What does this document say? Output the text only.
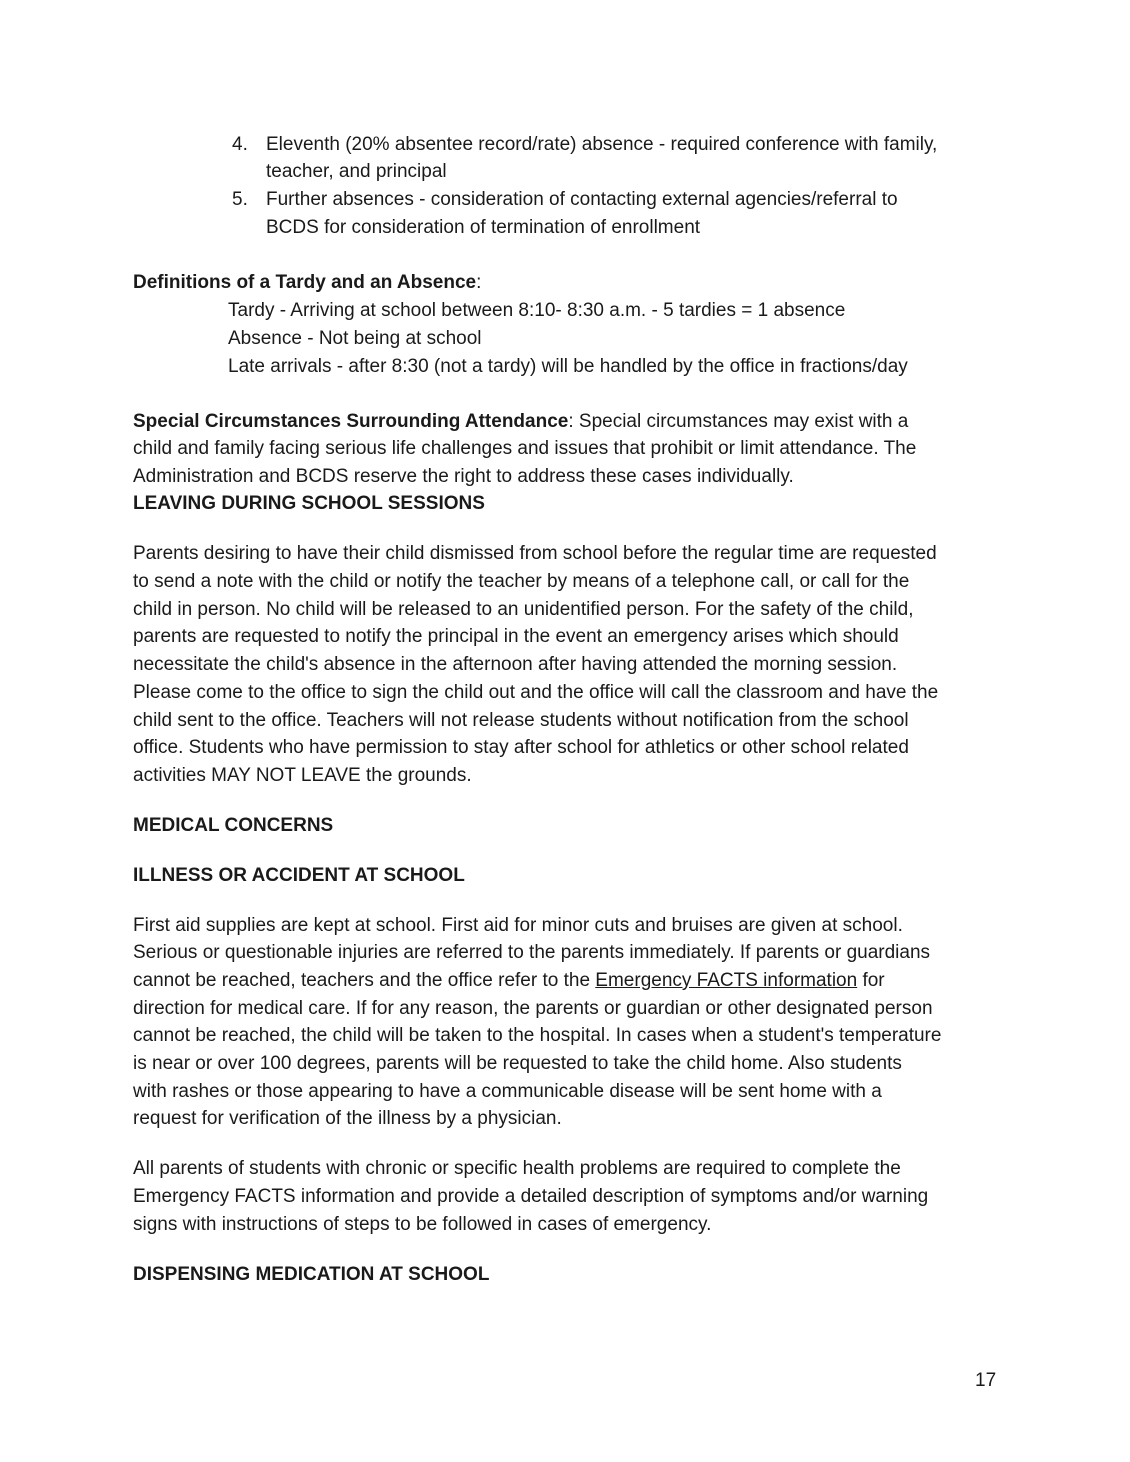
4. Eleventh (20% absentee record/rate) absence - required conference with family,
teacher, and principal
5. Further absences - consideration of contacting external agencies/referral to
BCDS for consideration of termination of enrollment
Definitions of a Tardy and an Absence:
Tardy - Arriving at school between 8:10- 8:30 a.m. - 5 tardies = 1 absence
Absence - Not being at school
Late arrivals - after 8:30 (not a tardy) will be handled by the office in fractions/day
Special Circumstances Surrounding Attendance: Special circumstances may exist with a
child and family facing serious life challenges and issues that prohibit or limit attendance. The
Administration and BCDS reserve the right to address these cases individually.
LEAVING DURING SCHOOL SESSIONS
Parents desiring to have their child dismissed from school before the regular time are requested
to send a note with the child or notify the teacher by means of a telephone call, or call for the
child in person. No child will be released to an unidentified person. For the safety of the child,
parents are requested to notify the principal in the event an emergency arises which should
necessitate the child's absence in the afternoon after having attended the morning session.
Please come to the office to sign the child out and the office will call the classroom and have the
child sent to the office. Teachers will not release students without notification from the school
office. Students who have permission to stay after school for athletics or other school related
activities MAY NOT LEAVE the grounds.
MEDICAL CONCERNS
ILLNESS OR ACCIDENT AT SCHOOL
First aid supplies are kept at school. First aid for minor cuts and bruises are given at school.
Serious or questionable injuries are referred to the parents immediately. If parents or guardians
cannot be reached, teachers and the office refer to the Emergency FACTS information for
direction for medical care. If for any reason, the parents or guardian or other designated person
cannot be reached, the child will be taken to the hospital. In cases when a student's temperature
is near or over 100 degrees, parents will be requested to take the child home. Also students
with rashes or those appearing to have a communicable disease will be sent home with a
request for verification of the illness by a physician.
All parents of students with chronic or specific health problems are required to complete the
Emergency FACTS information and provide a detailed description of symptoms and/or warning
signs with instructions of steps to be followed in cases of emergency.
DISPENSING MEDICATION AT SCHOOL
17
